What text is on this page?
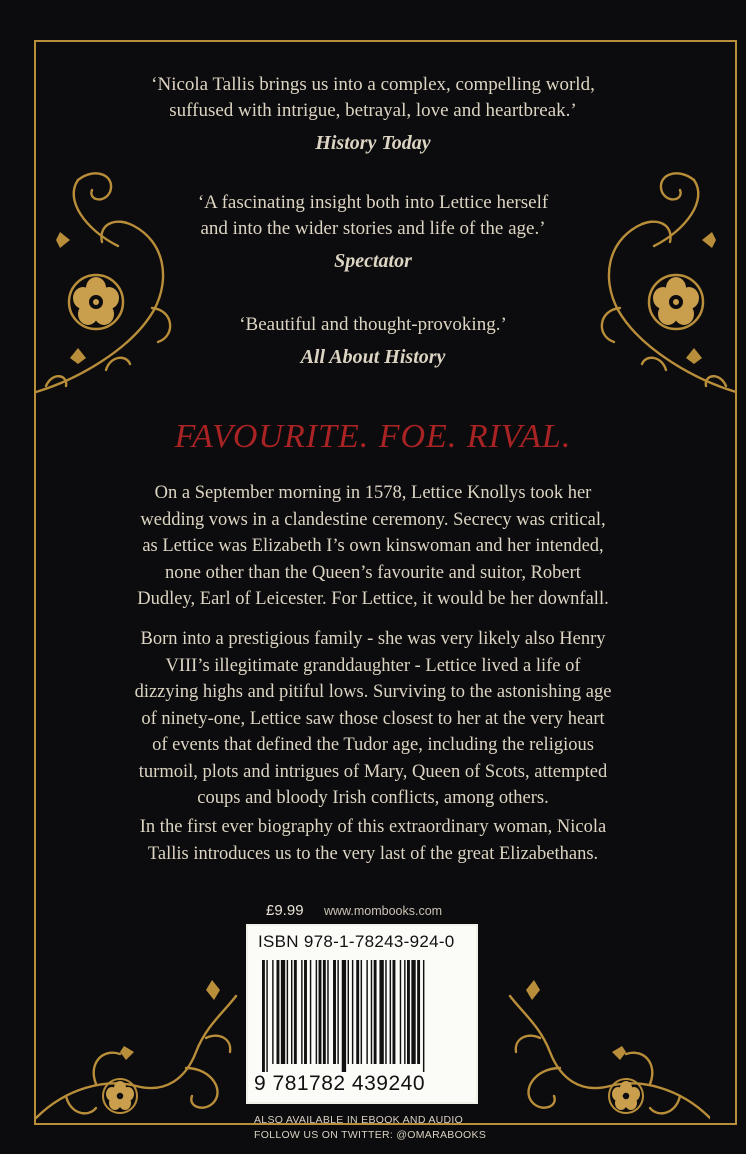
‘Nicola Tallis brings us into a complex, compelling world,
suffused with intrigue, betrayal, love and heartbreak.’
History Today
‘A fascinating insight both into Lettice herself
and into the wider stories and life of the age.’
Spectator
‘Beautiful and thought-provoking.’
All About History
FAVOURITE. FOE. RIVAL.

On a September morning in 1578, Lettice Knollys took her
wedding vows in a clandestine ceremony. Secrecy was critical,
as Lettice was Elizabeth I’s own kinswoman and her intended,
none other than the Queen’s favourite and suitor, Robert
Dudley, Earl of Leicester. For Lettice, it would be her downfall.

Born into a prestigious family - she was very likely also Henry
VIII’s illegitimate granddaughter - Lettice lived a life of
dizzying highs and pitiful lows. Surviving to the astonishing age
of ninety-one, Lettice saw those closest to her at the very heart
of events that defined the Tudor age, including the religious
turmoil, plots and intrigues of Mary, Queen of Scots, attempted
coups and bloody Irish conflicts, among others.

In the first ever biography of this extraordinary woman, Nicola
Tallis introduces us to the very last of the great Elizabethans.

£9.99 www.mombooks.com
ISBN 978-1-78243-924-0
9 781782 439240
ALSO AVAILABLE IN EBOOK AND AUDIO
FOLLOW US ON TWITTER: @OMARABOOKS
